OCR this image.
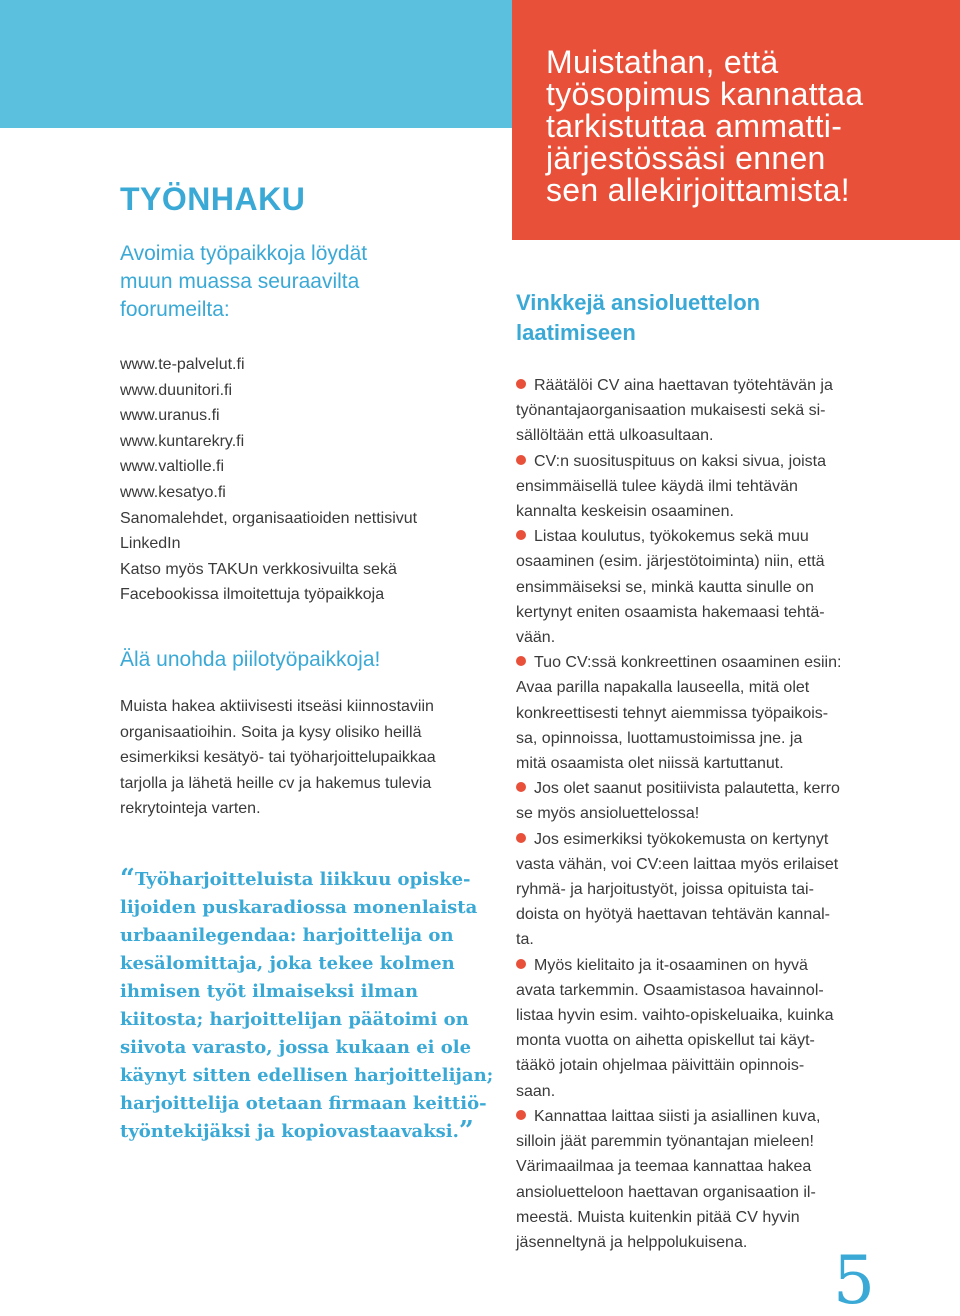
Muistathan, että
työsopimus kannattaa
tarkistuttaa ammatti-
järjestössäsi ennen
sen allekirjoittamista!
TYÖNHAKU
Avoimia työpaikkoja löydät
muun muassa seuraavilta
foorumeilta:
www.te-palvelut.fi
www.duunitori.fi
www.uranus.fi
www.kuntarekry.fi
www.valtiolle.fi
www.kesatyo.fi
Sanomalehdet, organisaatioiden nettisivut
LinkedIn
Katso myös TAKUn verkkosivuilta sekä
Facebookissa ilmoitettuja työpaikkoja
Älä unohda piilotyöpaikkoja!
Muista hakea aktiivisesti itseäsi kiinnostaviin
organisaatioihin. Soita ja kysy olisiko heillä
esimerkiksi kesätyö- tai työharjoittelupaikkaa
tarjolla ja lähetä heille cv ja hakemus tulevia
rekrytointeja varten.
“Työharjoitteluista liikkuu opiske-
lijoiden puskaradiossa monenlaista
urbaanilegendaa: harjoittelija on
kesälomittaja, joka tekee kolmen
ihmisen työt ilmaiseksi ilman
kiitosta; harjoittelijan päätoimi on
siivota varasto, jossa kukaan ei ole
käynyt sitten edellisen harjoittelijan;
harjoittelija otetaan firmaan keittiö-
työntekijäksi ja kopiovastaavaksi.”
Vinkkejä ansioluettelon
laatimiseen
Räätälöi CV aina haettavan työtehtävän ja
työnantajaorganisaation mukaisesti sekä si-
sällöltään että ulkoasultaan.
CV:n suosituspituus on kaksi sivua, joista
ensimmäisellä tulee käydä ilmi tehtävän
kannalta keskeisin osaaminen.
Listaa koulutus, työkokemus sekä muu
osaaminen (esim. järjestötoiminta) niin, että
ensimmäiseksi se, minkä kautta sinulle on
kertynyt eniten osaamista hakemaasi tehtä-
vään.
Tuo CV:ssä konkreettinen osaaminen esiin:
Avaa parilla napakalla lauseella, mitä olet
konkreettisesti tehnyt aiemmissa työpaikois-
sa, opinnoissa, luottamustoimissa jne. ja
mitä osaamista olet niissä kartuttanut.
Jos olet saanut positiivista palautetta, kerro
se myös ansioluettelossa!
Jos esimerkiksi työkokemusta on kertynyt
vasta vähän, voi CV:een laittaa myös erilaiset
ryhmä- ja harjoitustyöt, joissa opituista tai-
doista on hyötyä haettavan tehtävän kannal-
ta.
Myös kielitaito ja it-osaaminen on hyvä
avata tarkemmin. Osaamistasoa havainnol-
listaa hyvin esim. vaihto-opiskeluaika, kuinka
monta vuotta on aihetta opiskellut tai käyt-
tääkö jotain ohjelmaa päivittäin opinnois-
saan.
Kannattaa laittaa siisti ja asiallinen kuva,
silloin jäät paremmin työnantajan mieleen!
Värimaailmaa ja teemaa kannattaa hakea
ansioluetteloon haettavan organisaation il-
meestä. Muista kuitenkin pitää CV hyvin
jäsenneltynä ja helppolukuisena.	5
